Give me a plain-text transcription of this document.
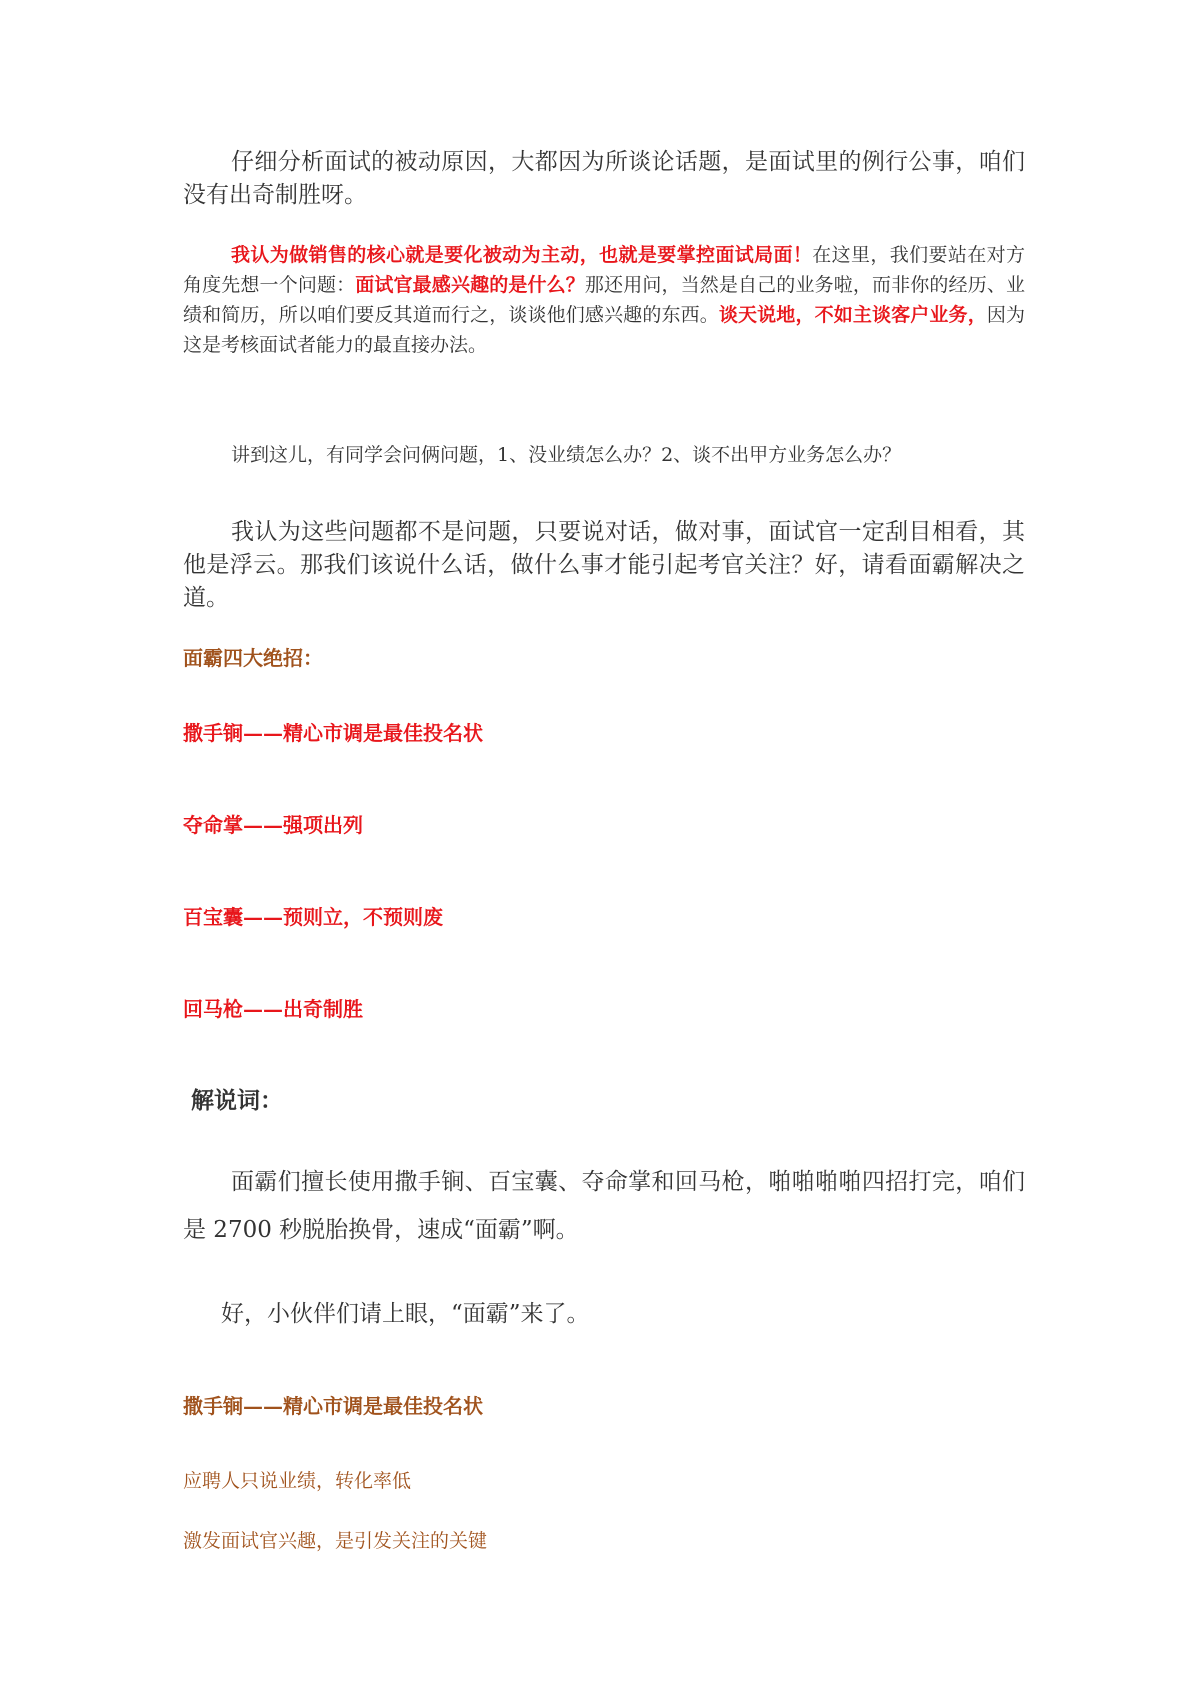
仔细分析面试的被动原因，大都因为所谈论话题，是面试里的例行公事，咱们没有出奇制胜呀。

我认为做销售的核心就是要化被动为主动，也就是要掌控面试局面！在这里，我们要站在对方角度先想一个问题：面试官最感兴趣的是什么？那还用问，当然是自己的业务啦，而非你的经历、业绩和简历，所以咱们要反其道而行之，谈谈他们感兴趣的东西。谈天说地，不如主谈客户业务，因为这是考核面试者能力的最直接办法。

讲到这儿，有同学会问俩问题，1、没业绩怎么办？2、谈不出甲方业务怎么办？

我认为这些问题都不是问题，只要说对话，做对事，面试官一定刮目相看，其他是浮云。那我们该说什么话，做什么事才能引起考官关注？好，请看面霸解决之道。

面霸四大绝招：
撒手锏——精心市调是最佳投名状
夺命掌——强项出列
百宝囊——预则立，不预则废
回马枪——出奇制胜
解说词：

面霸们擅长使用撒手锏、百宝囊、夺命掌和回马枪，啪啪啪啪四招打完，咱们是 2700 秒脱胎换骨，速成“面霸”啊。

好，小伙伴们请上眼，“面霸”来了。

撒手锏——精心市调是最佳投名状
应聘人只说业绩，转化率低
激发面试官兴趣，是引发关注的关键
